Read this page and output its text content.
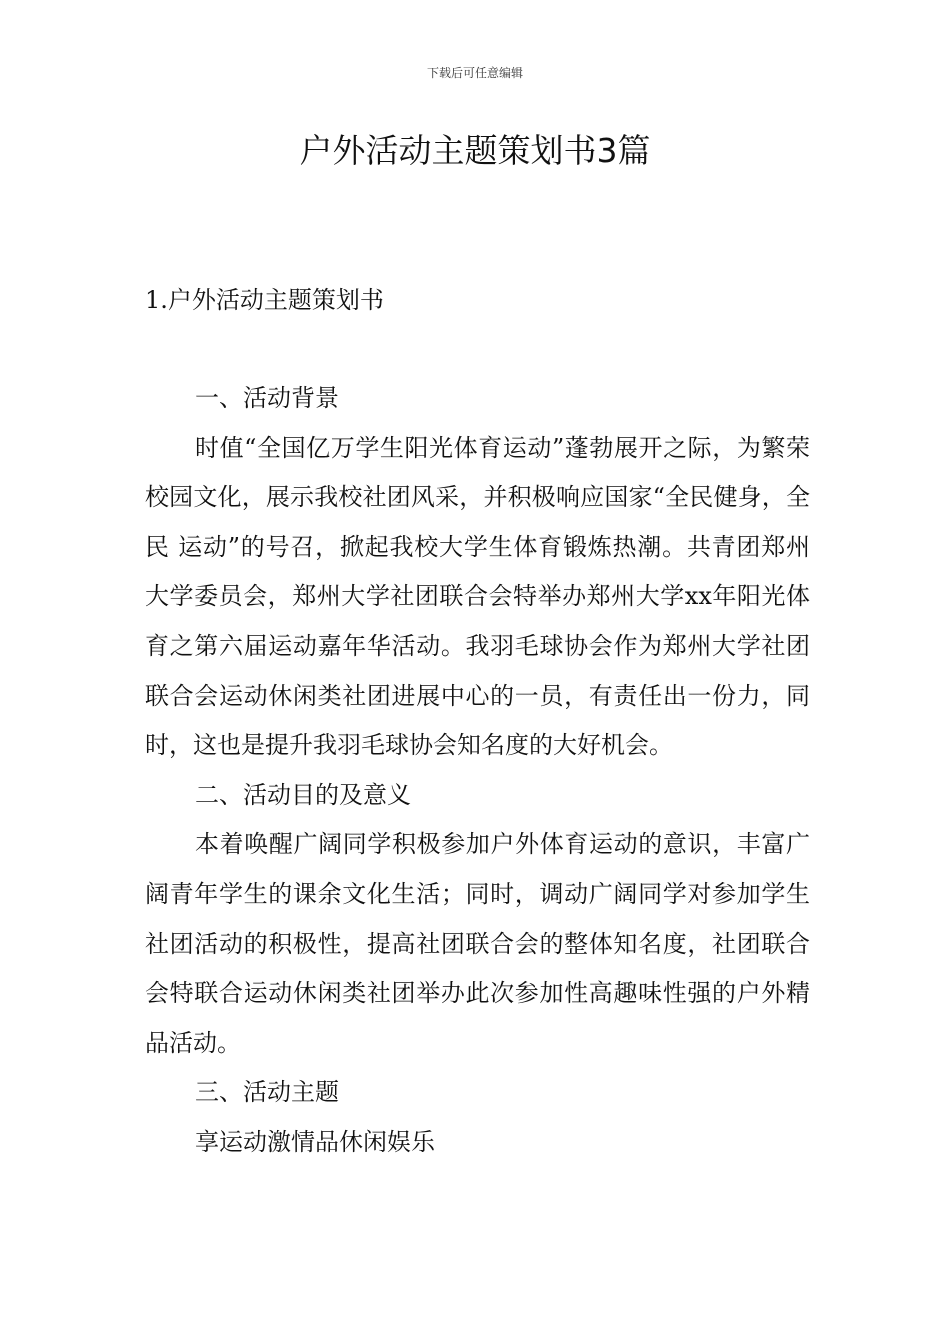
下载后可任意编辑
户外活动主题策划书3篇
1.户外活动主题策划书

一、活动背景

时值“全国亿万学生阳光体育运动”蓬勃展开之际，为繁荣校园文化，展示我校社团风采，并积极响应国家“全民健身，全民 运动”的号召，掀起我校大学生体育锻炼热潮。共青团郑州大学委员会，郑州大学社团联合会特举办郑州大学xx年阳光体育之第六届运动嘉年华活动。我羽毛球协会作为郑州大学社团联合会运动休闲类社团进展中心的一员，有责任出一份力，同时，这也是提升我羽毛球协会知名度的大好机会。

二、活动目的及意义

本着唤醒广阔同学积极参加户外体育运动的意识，丰富广阔青年学生的课余文化生活；同时，调动广阔同学对参加学生社团活动的积极性，提高社团联合会的整体知名度，社团联合会特联合运动休闲类社团举办此次参加性高趣味性强的户外精品活动。

三、活动主题

享运动激情品休闲娱乐
